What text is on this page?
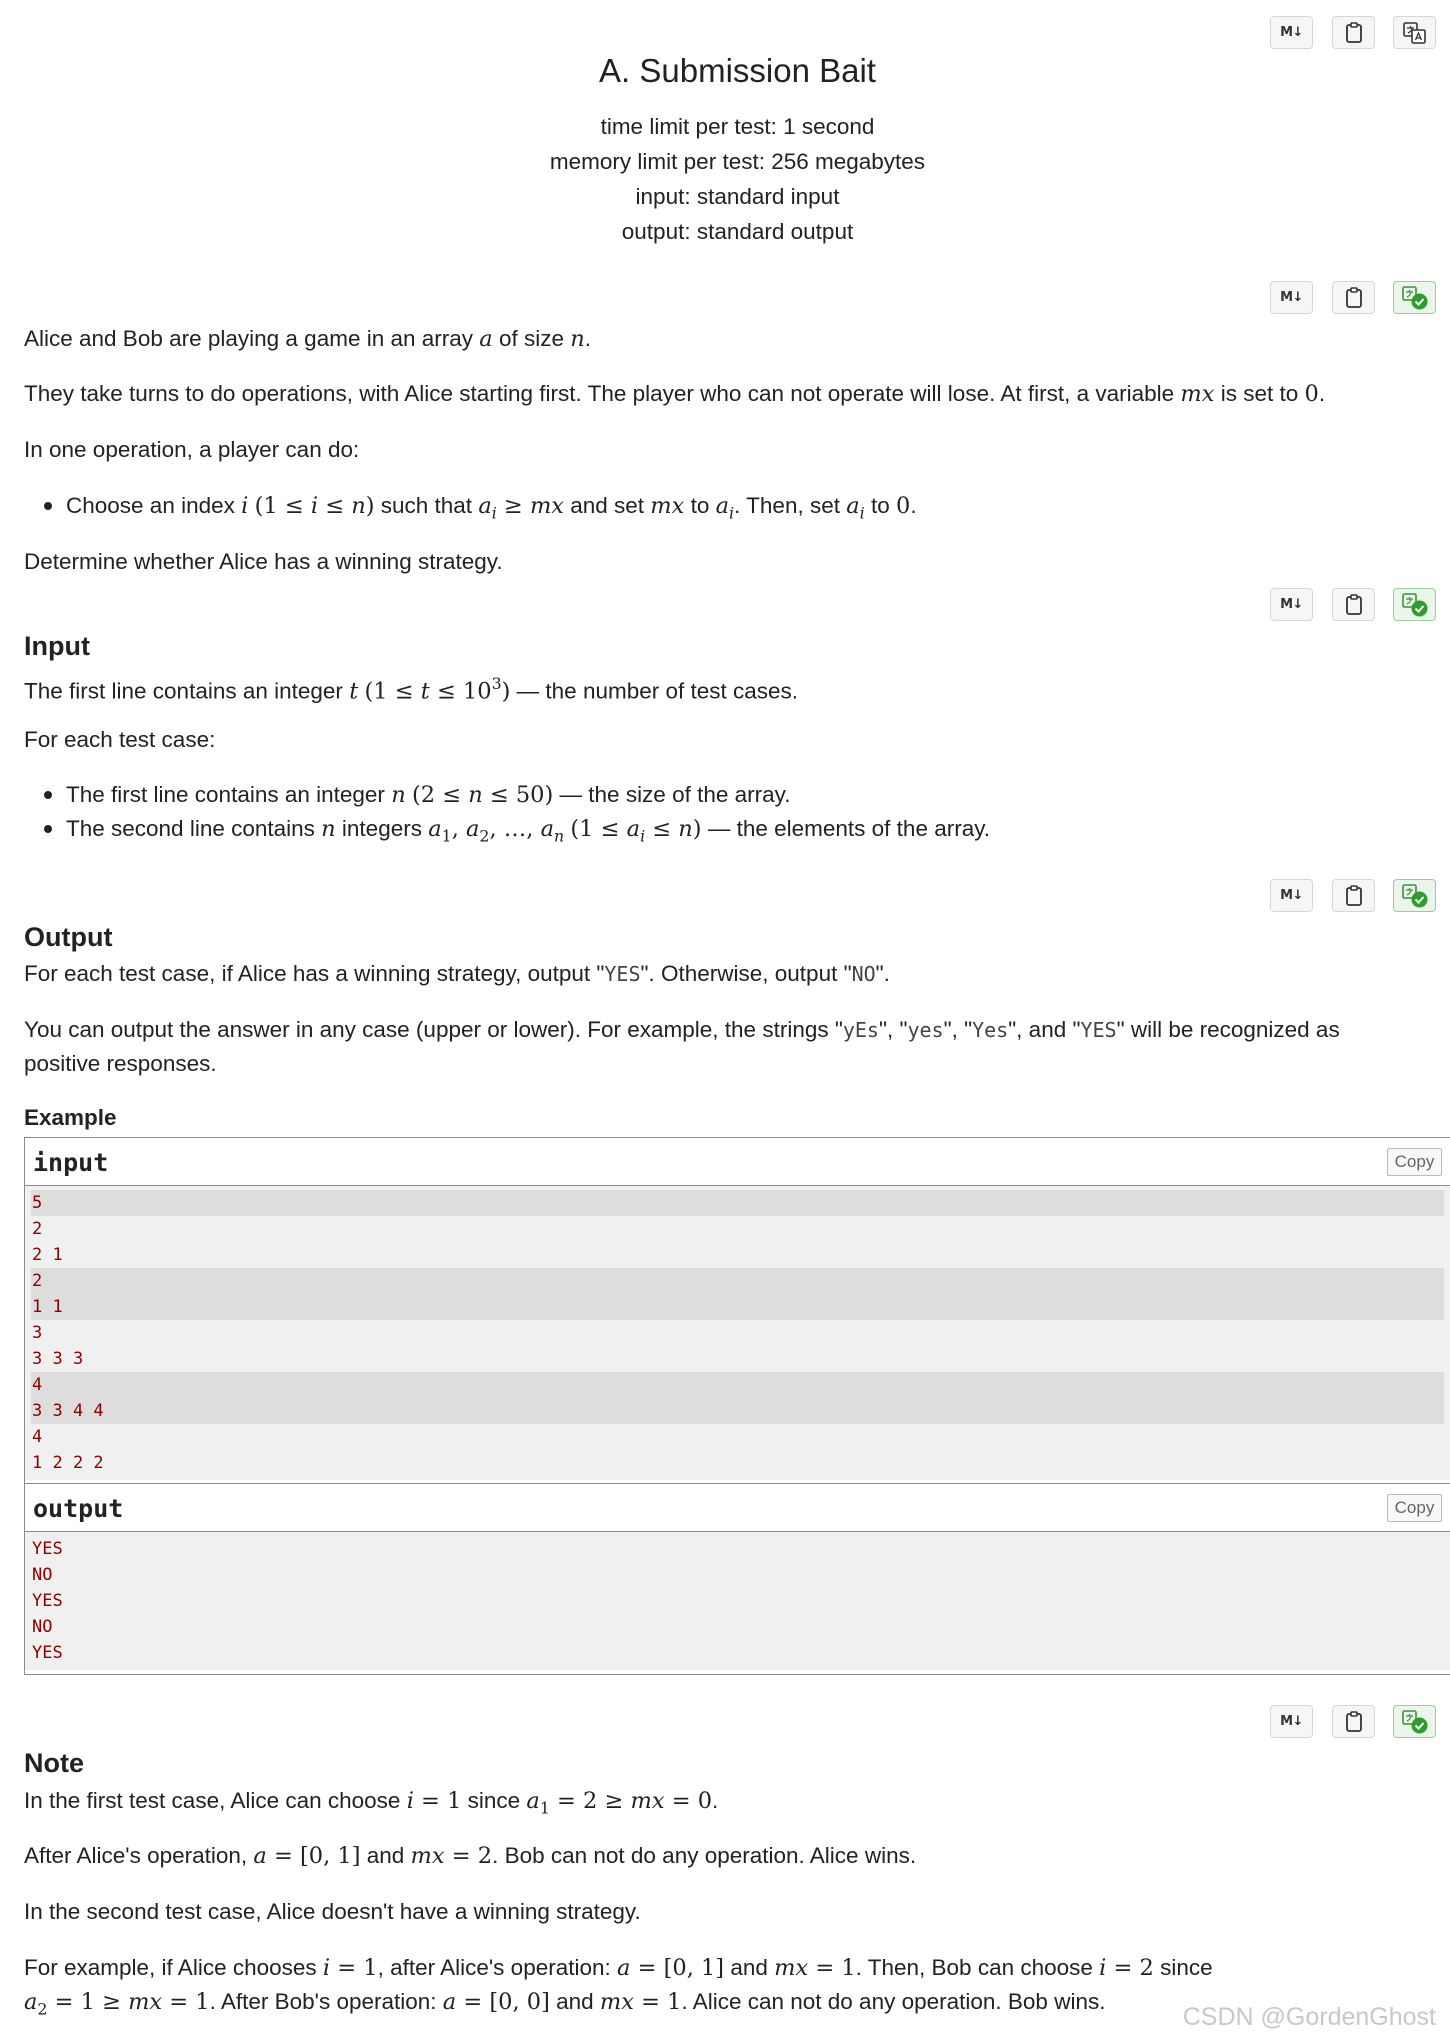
M↓
A. Submission Bait
time limit per test: 1 second
memory limit per test: 256 megabytes
input: standard input
output: standard output
M↓
Alice and Bob are playing a game in an array a of size n.
They take turns to do operations, with Alice starting first. The player who can not operate will lose. At first, a variable mx is set to 0.
In one operation, a player can do:
Choose an index i (1 ≤ i ≤ n) such that $a_i$ ≥ mx and set mx to $a_i$. Then, set $a_i$ to 0.
Determine whether Alice has a winning strategy.
M↓
Input
The first line contains an integer t $(1 \le t \le 10^3)$ — the number of test cases.
For each test case:
The first line contains an integer n (2 ≤ n ≤ 50) — the size of the array.
The second line contains n integers $a_1$, $a_2$, …, $a_n$ $(1 \le a_i \le n)$ — the elements of the array.
M↓
Output
For each test case, if Alice has a winning strategy, output "YES". Otherwise, output "NO".
You can output the answer in any case (upper or lower). For example, the strings "yEs", "yes", "Yes", and "YES" will be recognized as
positive responses.
Example
input	Copy
5
2
2 1
2
1 1
3
3 3 3
4
3 3 4 4
4
1 2 2 2
output	Copy
YES
NO
YES
NO
YES
M↓
Note
In the first test case, Alice can choose i = 1 since $a_1 = 2$ ≥ mx = 0.
After Alice's operation, a = [0, 1] and mx = 2. Bob can not do any operation. Alice wins.
In the second test case, Alice doesn't have a winning strategy.
For example, if Alice chooses i = 1, after Alice's operation: a = [0, 1] and mx = 1. Then, Bob can choose i = 2 since
$a_2 = 1$ ≥ mx = 1. After Bob's operation: a = [0, 0] and mx = 1. Alice can not do any operation. Bob wins.
CSDN @GordenGhost
